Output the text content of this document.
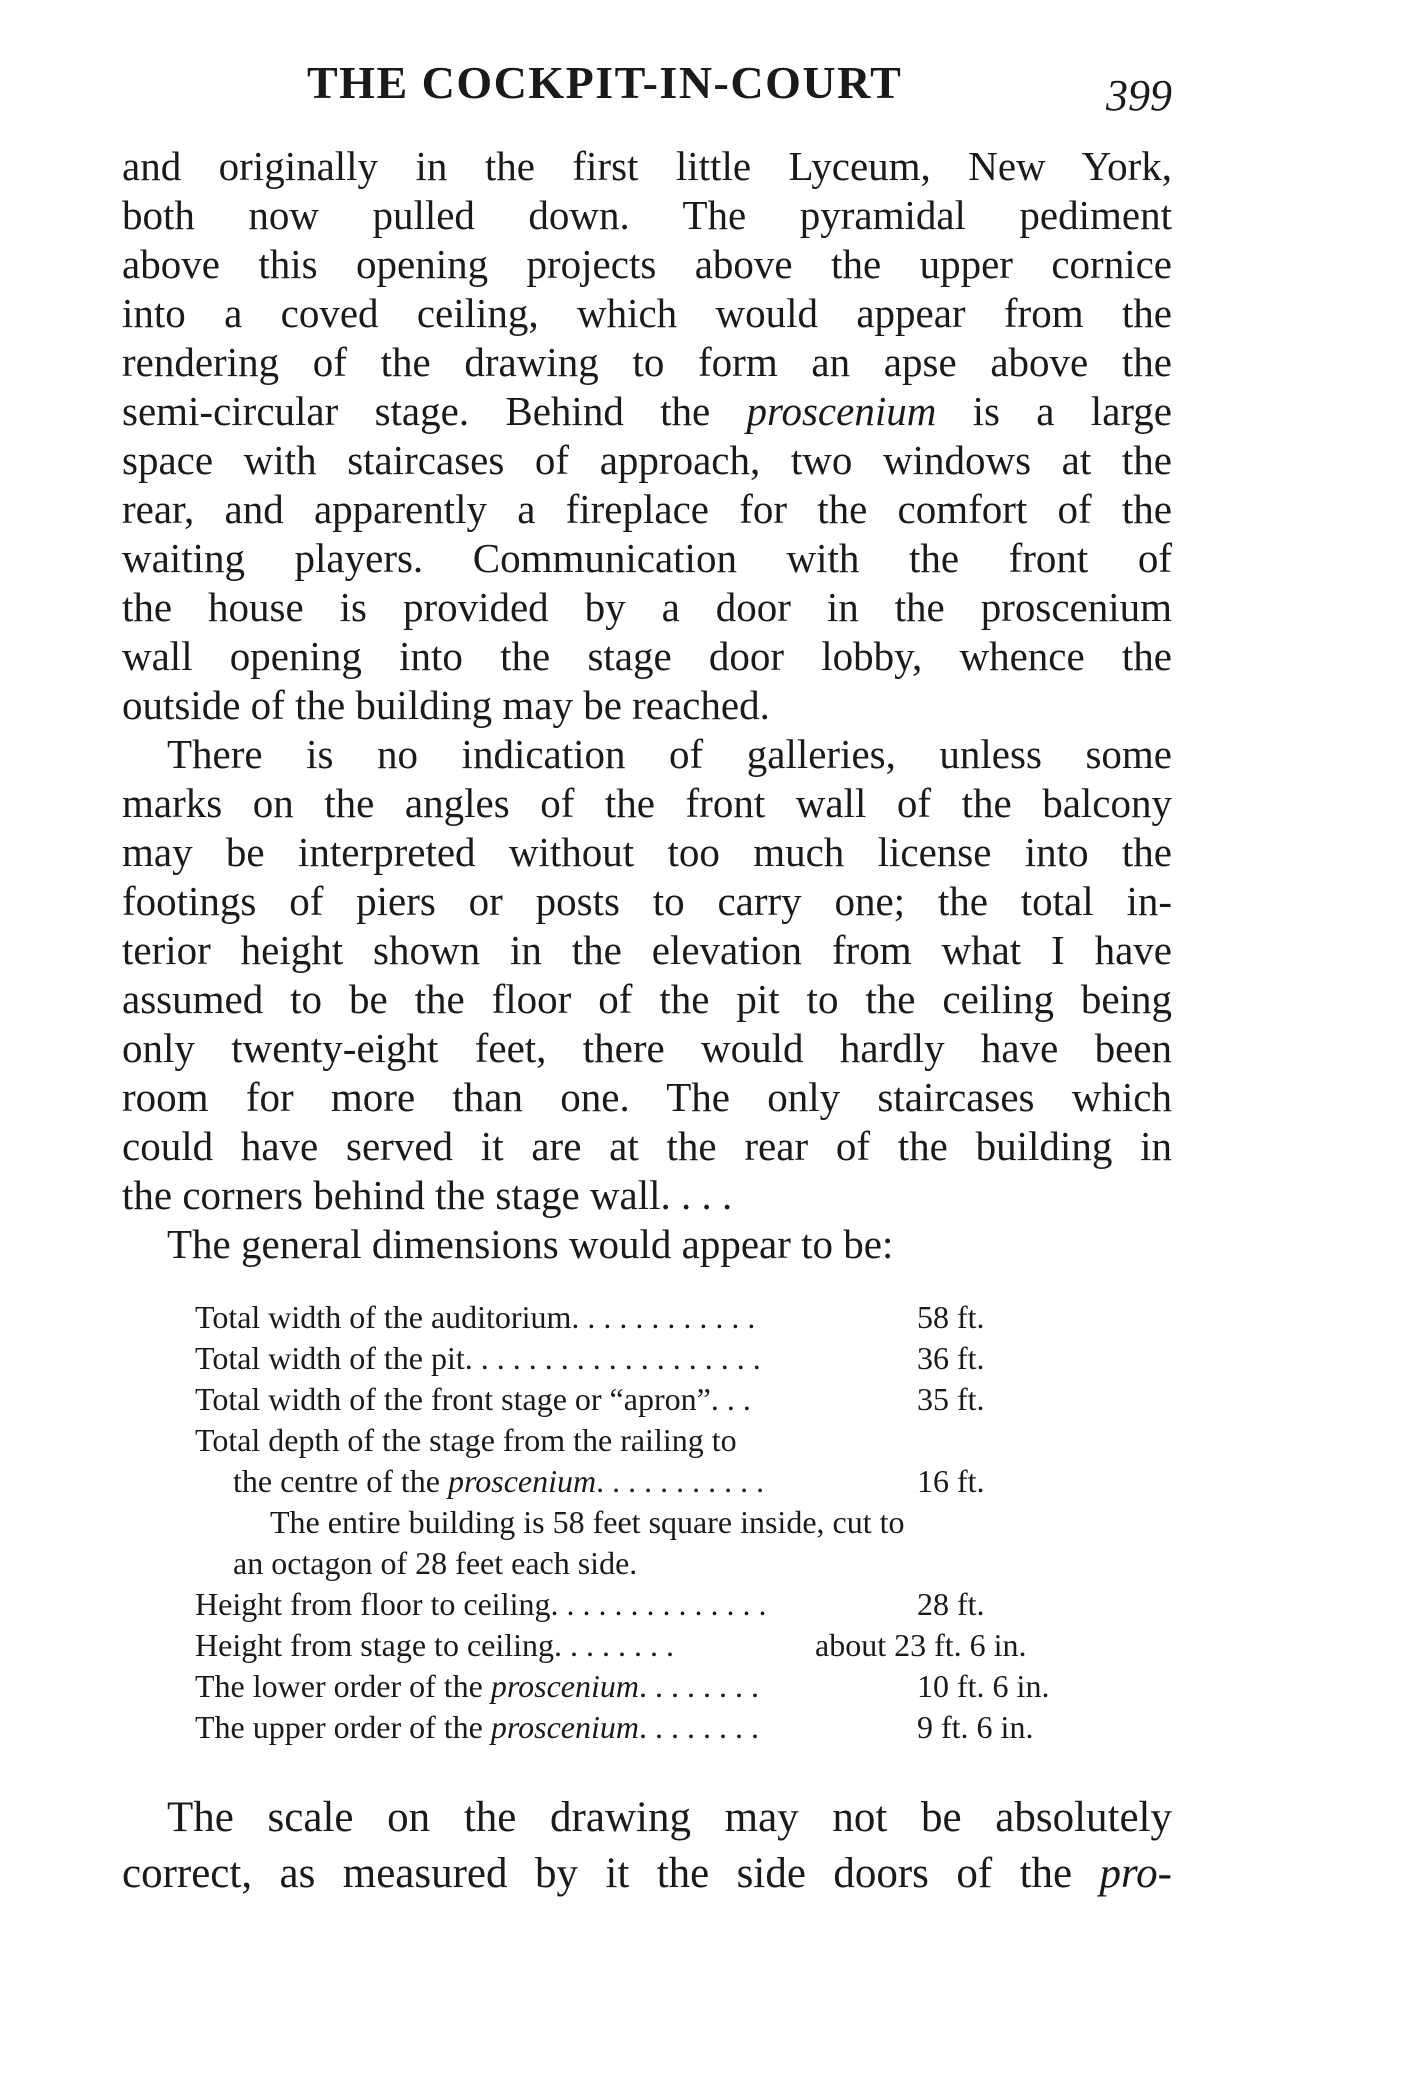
THE COCKPIT-IN-COURT	399
and originally in the first little Lyceum, New York,
both now pulled down. The pyramidal pediment
above this opening projects above the upper cornice
into a coved ceiling, which would appear from the
rendering of the drawing to form an apse above the
semi-circular stage. Behind the proscenium is a large
space with staircases of approach, two windows at the
rear, and apparently a fireplace for the comfort of the
waiting players. Communication with the front of
the house is provided by a door in the proscenium
wall opening into the stage door lobby, whence the
outside of the building may be reached.
There is no indication of galleries, unless some
marks on the angles of the front wall of the balcony
may be interpreted without too much license into the
footings of piers or posts to carry one; the total in-
terior height shown in the elevation from what I have
assumed to be the floor of the pit to the ceiling being
only twenty-eight feet, there would hardly have been
room for more than one. The only staircases which
could have served it are at the rear of the building in
the corners behind the stage wall. . . .
The general dimensions would appear to be:
Total width of the auditorium. . . . . . . . . . . .	58 ft.
Total width of the pit. . . . . . . . . . . . . . . . . . .	36 ft.
Total width of the front stage or “apron”. . .	35 ft.
Total depth of the stage from the railing to
the centre of the proscenium. . . . . . . . . . .	16 ft.
The entire building is 58 feet square inside, cut to
an octagon of 28 feet each side.
Height from floor to ceiling. . . . . . . . . . . . . .	28 ft.
Height from stage to ceiling. . . . . . . .	about 23 ft. 6 in.
The lower order of the proscenium. . . . . . . .	10 ft. 6 in.
The upper order of the proscenium. . . . . . . .	9 ft. 6 in.
The scale on the drawing may not be absolutely
correct, as measured by it the side doors of the pro-
